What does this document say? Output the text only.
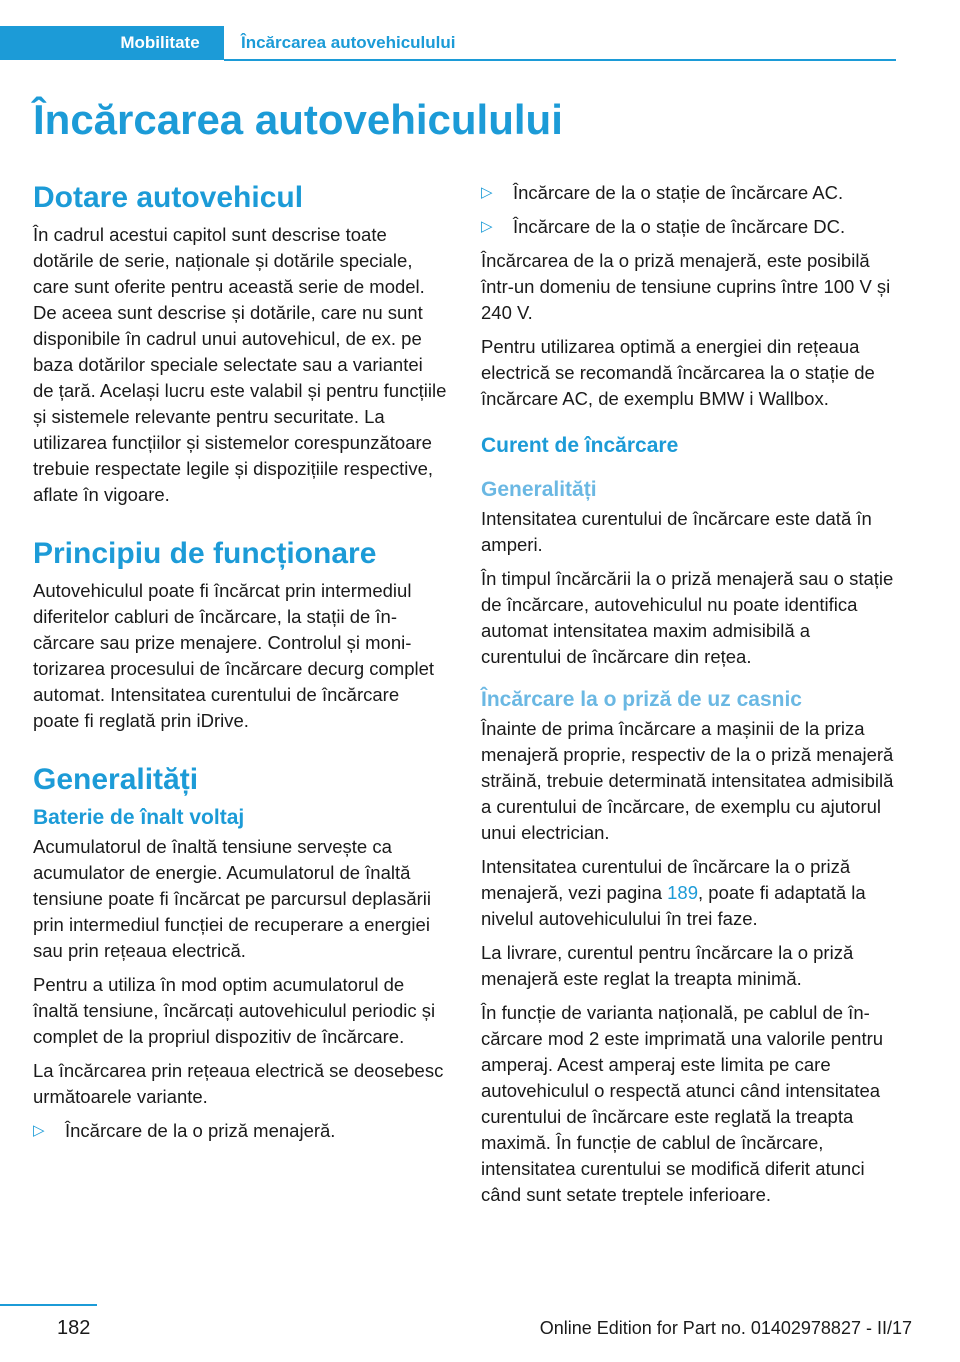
Mobilitate	Încărcarea autovehiculului
Încărcarea autovehiculului
Dotare autovehicul

În cadrul acestui capitol sunt descrise toate dotările de serie, naționale și dotările speciale, care sunt oferite pentru această serie de model. De aceea sunt descrise și dotările, care nu sunt disponibile în cadrul unui autovehicul, de ex. pe baza dotărilor speciale selectate sau a variantei de țară. Același lucru este valabil și pentru funcțiile și sistemele relevante pentru securitate. La utilizarea funcțiilor și sistemelor corespunzătoare trebuie respectate legile și dispozițiile respective, aflate în vigoare.

Principiu de funcționare

Autovehiculul poate fi încărcat prin intermediul diferitelor cabluri de încărcare, la stații de încărcare sau prize menajere. Controlul și monitorizarea procesului de încărcare decurg complet automat. Intensitatea curentului de încărcare poate fi reglată prin iDrive.

Generalități
Baterie de înalt voltaj

Acumulatorul de înaltă tensiune servește ca acumulator de energie. Acumulatorul de înaltă tensiune poate fi încărcat pe parcursul deplasării prin intermediul funcției de recuperare a energiei sau prin rețeaua electrică.

Pentru a utiliza în mod optim acumulatorul de înaltă tensiune, încărcați autovehiculul periodic și complet de la propriul dispozitiv de încărcare.

La încărcarea prin rețeaua electrică se deosebesc următoarele variante.

▷	Încărcare de la o priză menajeră.
▷	Încărcare de la o stație de încărcare AC.
▷	Încărcare de la o stație de încărcare DC.

Încărcarea de la o priză menajeră, este posibilă într-un domeniu de tensiune cuprins între 100 V și 240 V.

Pentru utilizarea optimă a energiei din rețeaua electrică se recomandă încărcarea la o stație de încărcare AC, de exemplu BMW i Wallbox.

Curent de încărcare
Generalități

Intensitatea curentului de încărcare este dată în amperi.

În timpul încărcării la o priză menajeră sau o stație de încărcare, autovehiculul nu poate identifica automat intensitatea maxim admisibilă a curentului de încărcare din rețea.

Încărcare la o priză de uz casnic

Înainte de prima încărcare a mașinii de la priza menajeră proprie, respectiv de la o priză menajeră străină, trebuie determinată intensitatea admisibilă a curentului de încărcare, de exemplu cu ajutorul unui electrician.

Intensitatea curentului de încărcare la o priză menajeră, vezi pagina 189, poate fi adaptată la nivelul autovehiculului în trei faze.

La livrare, curentul pentru încărcare la o priză menajeră este reglat la treapta minimă.

În funcție de varianta națională, pe cablul de încărcare mod 2 este imprimată una valorile pentru amperaj. Acest amperaj este limita pe care autovehiculul o respectă atunci când intensitatea curentului de încărcare este reglată la treapta maximă. În funcție de cablul de încărcare, intensitatea curentului se modifică diferit atunci când sunt setate treptele inferioare.

182	Online Edition for Part no. 01402978827 - II/17
